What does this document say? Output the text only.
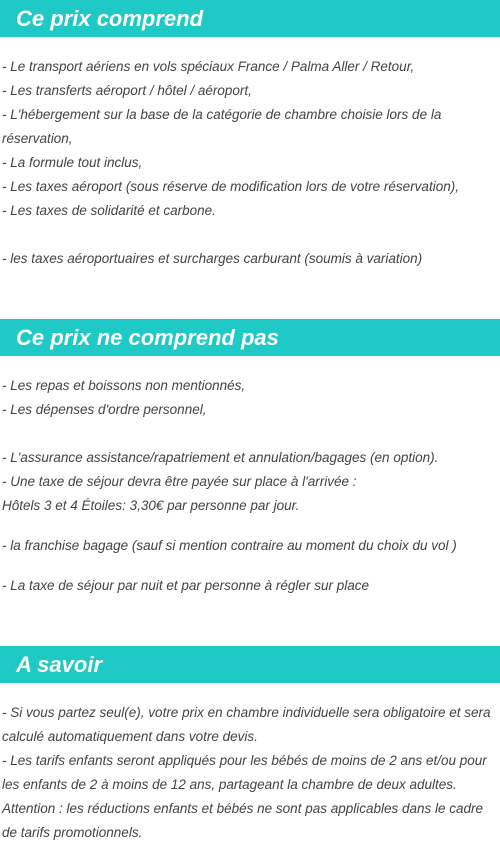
Ce prix comprend
- Le transport aériens en vols spéciaux France / Palma Aller / Retour,
- Les transferts aéroport / hôtel / aéroport,
- L'hébergement sur la base de la catégorie de chambre choisie lors de la réservation,
- La formule tout inclus,
- Les taxes aéroport (sous réserve de modification lors de votre réservation),
- Les taxes de solidarité et carbone.
- les taxes aéroportuaires et surcharges carburant (soumis à variation)
Ce prix ne comprend pas
- Les repas et boissons non mentionnés,
- Les dépenses d'ordre personnel,
- L'assurance assistance/rapatriement et annulation/bagages (en option).
- Une taxe de séjour devra être payée sur place à l'arrivée :
Hôtels 3 et 4 Étoiles: 3,30€ par personne par jour.
- la franchise bagage (sauf si mention contraire au moment du choix du vol )
- La taxe de séjour par nuit et par personne à régler sur place
A savoir
- Si vous partez seul(e), votre prix en chambre individuelle sera obligatoire et sera calculé automatiquement dans votre devis.
- Les tarifs enfants seront appliqués pour les bébés de moins de 2 ans et/ou pour les enfants de 2 à moins de 12 ans, partageant la chambre de deux adultes.
Attention : les réductions enfants et bébés ne sont pas applicables dans le cadre de tarifs promotionnels.
